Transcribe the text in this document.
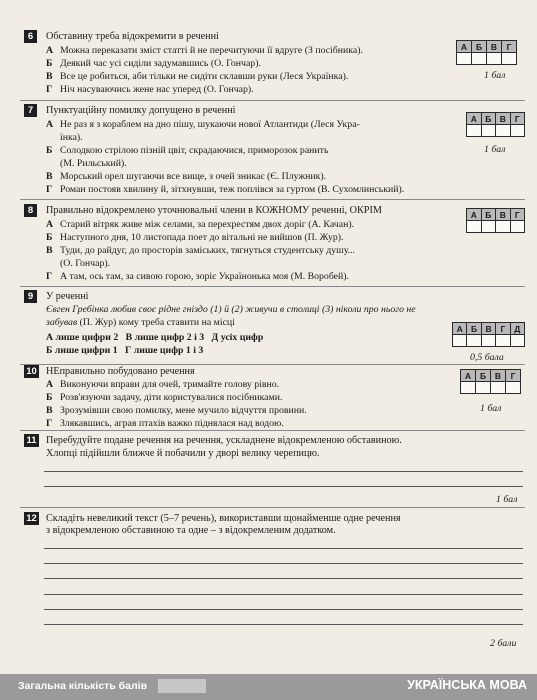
6	Обставину треба відокремити в реченні
А Можна переказати зміст статті й не перечитуючи її вдруге (З посібника).
Б Деякий час усі сиділи задумавшись (О. Гончар).
В Все це робиться, аби тільки не сидіти склавши руки (Леся Українка).
Г Ніч насуваючись жене нас уперед (О. Гончар).
А	Б	В	Г

1 бал
7	Пунктуаційну помилку допущено в реченні
А Не раз я з кораблем на дно пішу, шукаючи нової Атлантиди (Леся Укра-
їнка).
Б Солодкою стрілою пізній цвіт, скрадаючися, приморозок ранить
(М. Рильський).
В Морський орел шугаючи все вище, з очей зникає (Є. Плужник).
Г Роман постояв хвилину й, зітхнувши, теж поплівся за гуртом (В. Сухомлинський).
А	Б	В	Г

1 бал
8	Правильно відокремлено уточнювальні члени в КОЖНОМУ реченні, ОКРІМ
А Старий вітряк живе між селами, за перехрестям двох доріг (А. Качан).
Б Наступного дня, 10 листопада поет до вітальні не вийшов (П. Жур).
В Туди, до райдуг, до просторів заміських, тягнуться студентську душу...
(О. Гончар).
Г А там, ось там, за сивою горою, зоріє Українонька моя (М. Воробей).
А	Б	В	Г

9	У реченні
Євген Гребінка любив своє рідне гніздо (1) й (2) живучи в столиці (3) ніколи про нього не
забував (П. Жур) кому треба ставити на місці
А лише цифри 2 В лише цифр 2 і 3 Д усіх цифр
Б лише цифри 1 Г лише цифр 1 і 3
А	Б	В	Г	Д

0,5 бала
10 НЕправильно побудовано речення
А Виконуючи вправи для очей, тримайте голову рівно.
Б Розв'язуючи задачу, діти користувалися посібниками.
В Зрозумівши свою помилку, мене мучило відчуття провини.
Г Злякавшись, аграя птахів важко піднялася над водою.
А	Б	В	Г

1 бал
11 Перебудуйте подане речення на речення, ускладнене відокремленою обставиною.
Хлопці підійшли ближче й побачили у дворі велику черепицю.
1 бал
12 Складіть невеликий текст (5–7 речень), використавши щонайменше одне речення
з відокремленою обставиною та одне – з відокремленим додатком.
2 бали
Загальна кількість балів	УКРАЇНСЬКА МОВА
